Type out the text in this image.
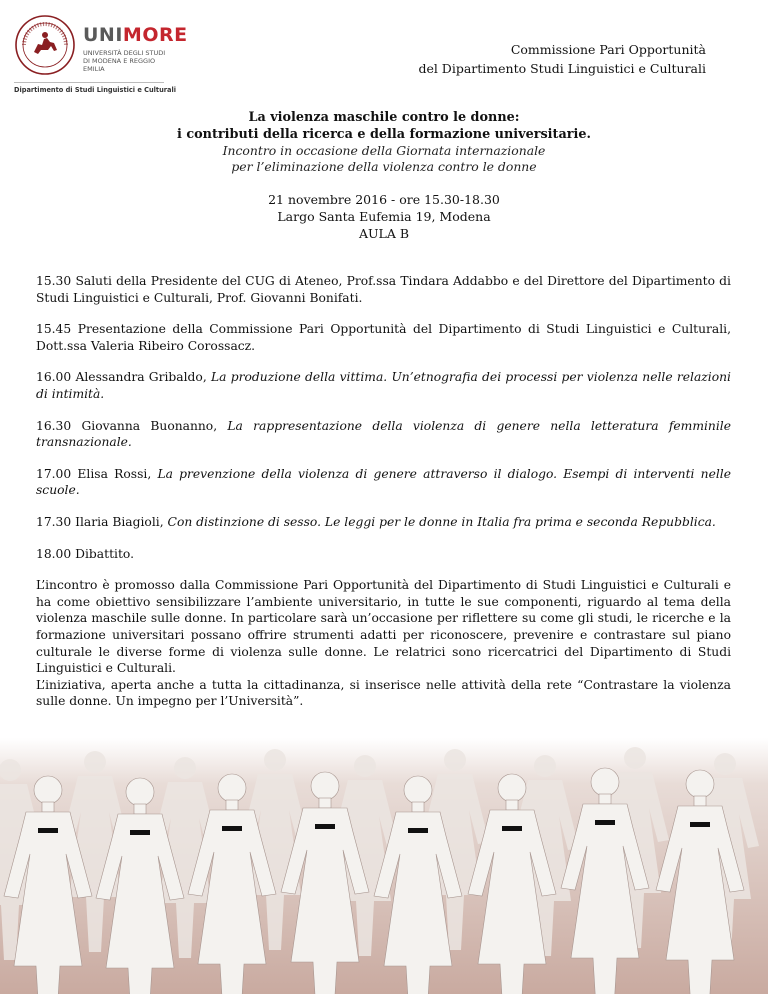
UNIMORE
UNIVERSITÀ DEGLI STUDI DI MODENA E REGGIO EMILIA
Dipartimento di Studi Linguistici e Culturali
Commissione Pari Opportunità
del Dipartimento Studi Linguistici e Culturali
La violenza maschile contro le donne:
i contributi della ricerca e della formazione universitarie.
Incontro in occasione della Giornata internazionale
per l’eliminazione della violenza contro le donne
21 novembre 2016 - ore 15.30-18.30
Largo Santa Eufemia 19, Modena
AULA B

15.30 Saluti della Presidente del CUG di Ateneo, Prof.ssa Tindara Addabbo e del Direttore del Dipartimento di Studi Linguistici e Culturali, Prof. Giovanni Bonifati.

15.45 Presentazione della Commissione Pari Opportunità del Dipartimento di Studi Linguistici e Culturali, Dott.ssa Valeria Ribeiro Corossacz.

16.00 Alessandra Gribaldo, La produzione della vittima. Un’etnografia dei processi per violenza nelle relazioni di intimità.

16.30 Giovanna Buonanno, La rappresentazione della violenza di genere nella letteratura femminile transnazionale.

17.00 Elisa Rossi, La prevenzione della violenza di genere attraverso il dialogo. Esempi di interventi nelle scuole.

17.30 Ilaria Biagioli, Con distinzione di sesso. Le leggi per le donne in Italia fra prima e seconda Repubblica.

18.00 Dibattito.

L’incontro è promosso dalla Commissione Pari Opportunità del Dipartimento di Studi Linguistici e Culturali e ha come obiettivo sensibilizzare l’ambiente universitario, in tutte le sue componenti, riguardo al tema della violenza maschile sulle donne. In particolare sarà un’occasione per riflettere su come gli studi, le ricerche e la formazione universitari possano offrire strumenti adatti per riconoscere, prevenire e contrastare sul piano culturale le diverse forme di violenza sulle donne. Le relatrici sono ricercatrici del Dipartimento di Studi Linguistici e Culturali.

L’iniziativa, aperta anche a tutta la cittadinanza, si inserisce nelle attività della rete “Contrastare la violenza sulle donne. Un impegno per l’Università”.
